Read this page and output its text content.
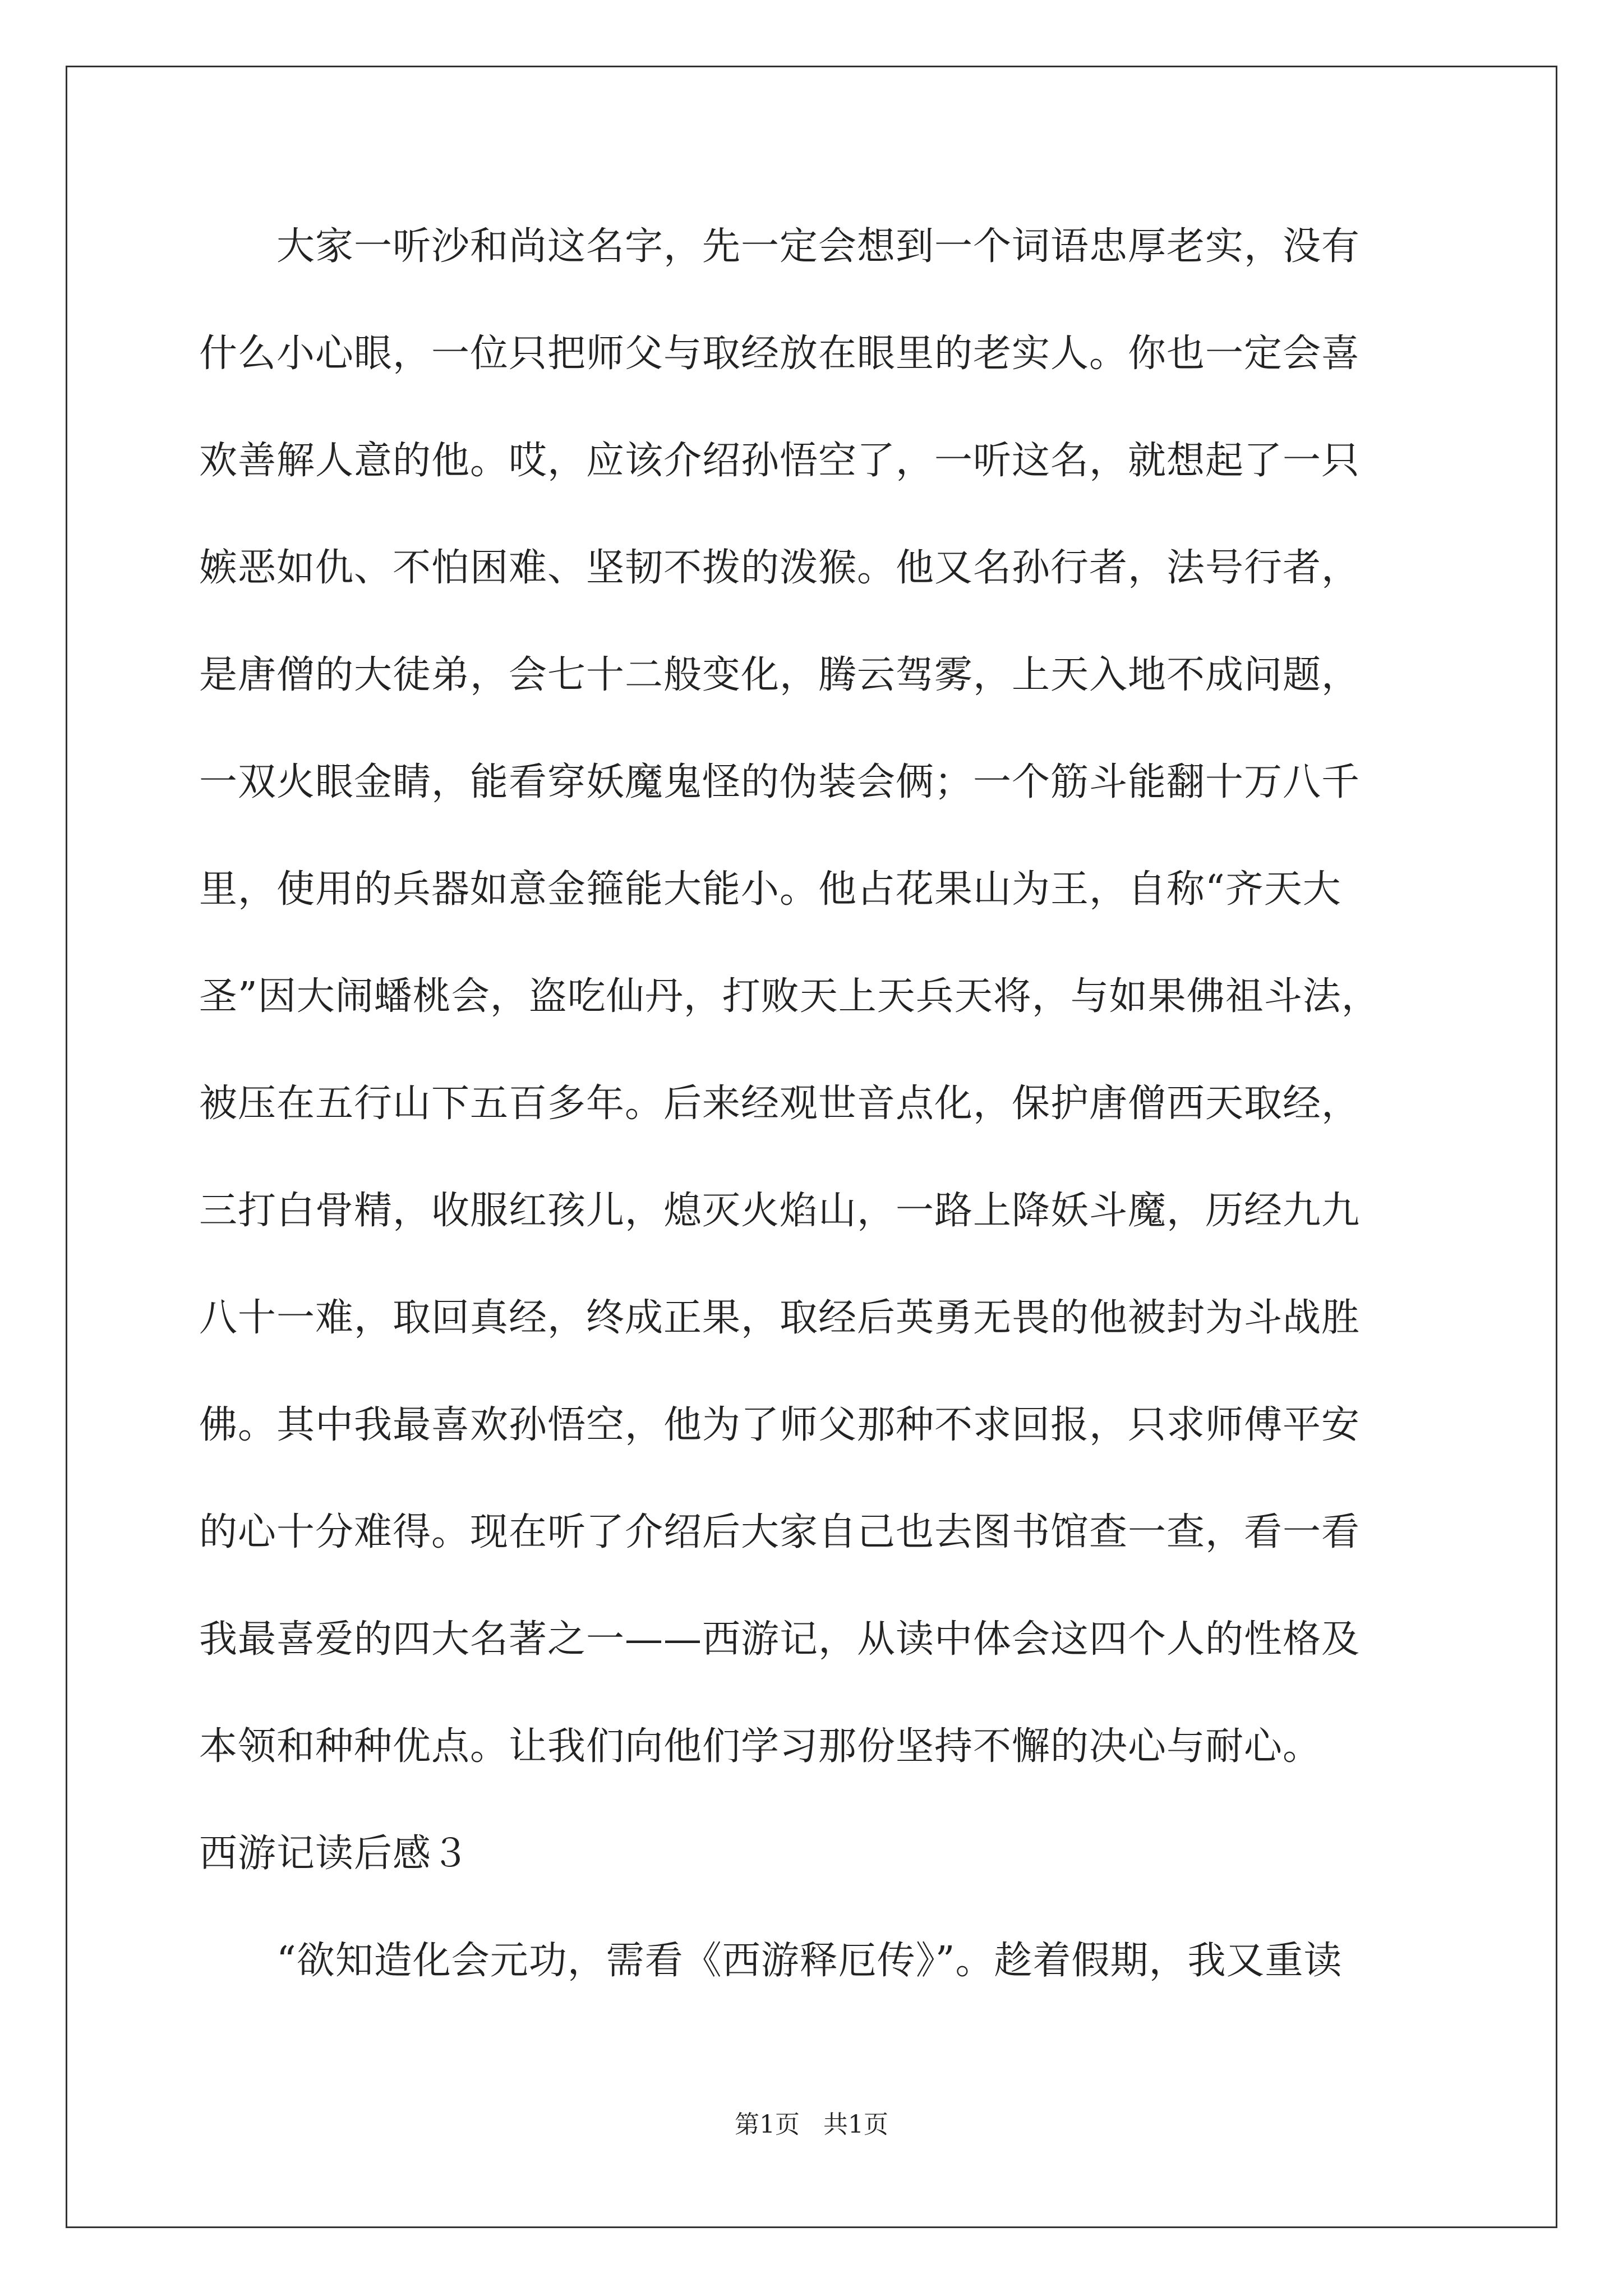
　　大家一听沙和尚这名字，先一定会想到一个词语忠厚老实，没有
什么小心眼，一位只把师父与取经放在眼里的老实人。你也一定会喜
欢善解人意的他。哎，应该介绍孙悟空了，一听这名，就想起了一只
嫉恶如仇、不怕困难、坚韧不拨的泼猴。他又名孙行者，法号行者，
是唐僧的大徒弟，会七十二般变化，腾云驾雾，上天入地不成问题，
一双火眼金睛，能看穿妖魔鬼怪的伪装会俩；一个筋斗能翻十万八千
里，使用的兵器如意金箍能大能小。他占花果山为王，自称“齐天大
圣”因大闹蟠桃会，盗吃仙丹，打败天上天兵天将，与如果佛祖斗法，
被压在五行山下五百多年。后来经观世音点化，保护唐僧西天取经，
三打白骨精，收服红孩儿，熄灭火焰山，一路上降妖斗魔，历经九九
八十一难，取回真经，终成正果，取经后英勇无畏的他被封为斗战胜
佛。其中我最喜欢孙悟空，他为了师父那种不求回报，只求师傅平安
的心十分难得。现在听了介绍后大家自己也去图书馆查一查，看一看
我最喜爱的四大名著之一——西游记，从读中体会这四个人的性格及
本领和种种优点。让我们向他们学习那份坚持不懈的决心与耐心。
西游记读后感３
　　“欲知造化会元功，需看《西游释厄传》”。趁着假期，我又重读
第1页   共1页
